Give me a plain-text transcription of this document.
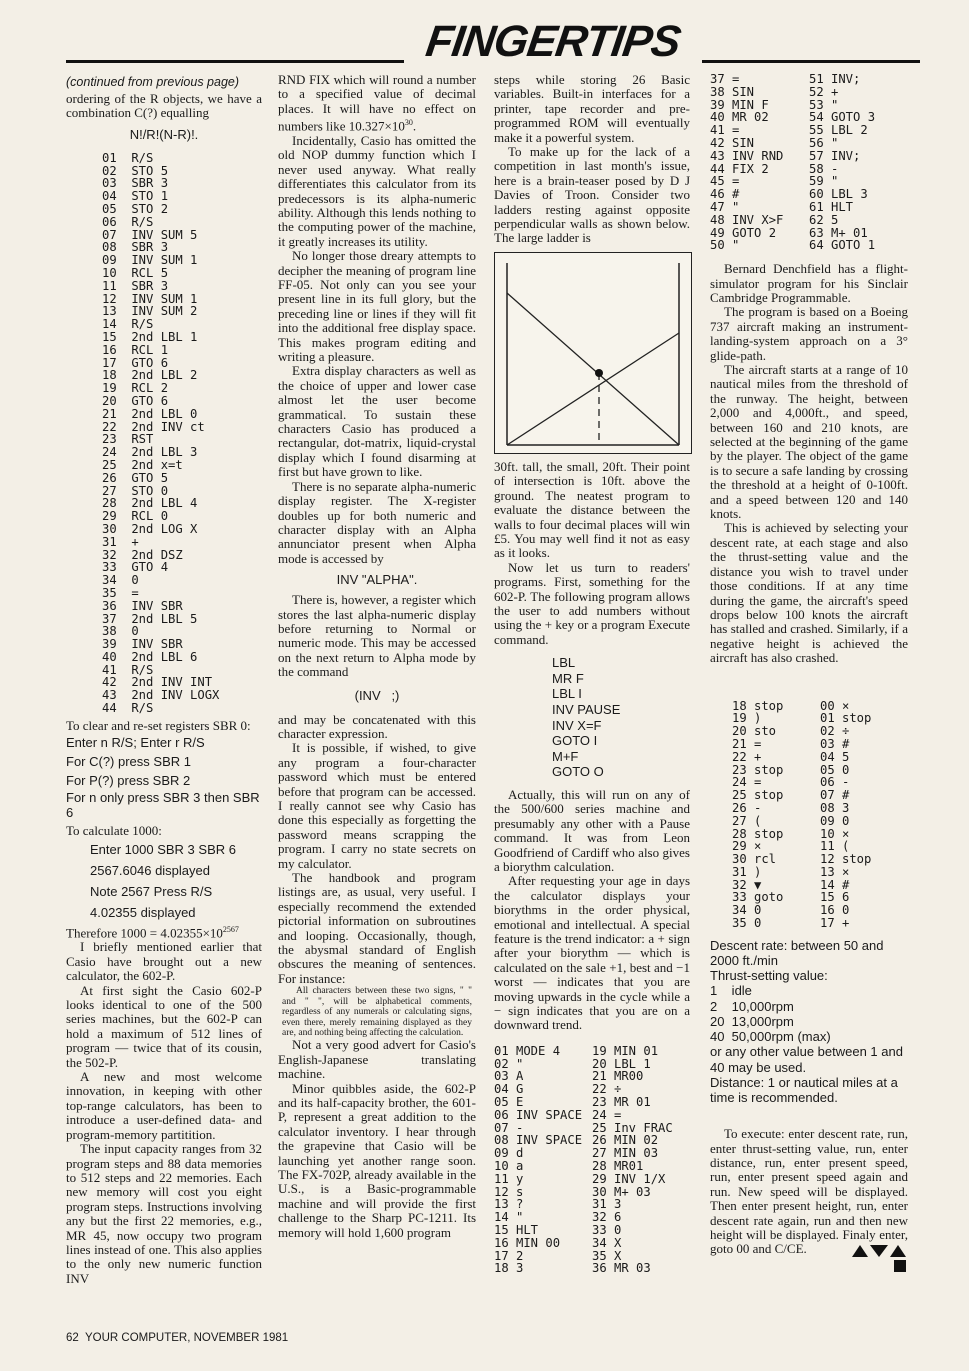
FINGERTIPS

(continued from previous page)

ordering of the R objects, we have a combination C(?) equalling

N!/R!(N-R)!.

01  R/S
02  STO 5
03  SBR 3
04  STO 1
05  STO 2
06  R/S
07  INV SUM 5
08  SBR 3
09  INV SUM 1
10  RCL 5
11  SBR 3
12  INV SUM 1
13  INV SUM 2
14  R/S
15  2nd LBL 1
16  RCL 1
17  GTO 6
18  2nd LBL 2
19  RCL 2
20  GTO 6
21  2nd LBL 0
22  2nd INV ct
23  RST
24  2nd LBL 3
25  2nd x=t
26  GTO 5
27  STO 0
28  2nd LBL 4
29  RCL 0
30  2nd LOG X
31  +
32  2nd DSZ
33  GTO 4
34  0
35  =
36  INV SBR
37  2nd LBL 5
38  0
39  INV SBR
40  2nd LBL 6
41  R/S
42  2nd INV INT
43  2nd INV LOGX
44  R/S

To clear and re-set registers SBR 0:

Enter n R/S; Enter r R/S

For C(?) press SBR 1

For P(?) press SBR 2

For n only press SBR 3 then SBR 6

To calculate 1000:

Enter 1000 SBR 3 SBR 6

2567.6046 displayed

Note 2567 Press R/S

4.02355 displayed

Therefore $1000 = 4.02355\times 10^{2567}$

I briefly mentioned earlier that Casio have brought out a new calculator, the 602-P.

At first sight the Casio 602-P looks identical to one of the 500 series machines, but the 602-P can hold a maximum of 512 lines of program — twice that of its cousin, the 502-P.

A new and most welcome innovation, in keeping with other top-range calculators, has been to introduce a user-defined data- and program-memory partitition.

The input capacity ranges from 32 program steps and 88 data memories to 512 steps and 22 memories. Each new memory will cost you eight program steps. Instructions involving any but the first 22 memories, e.g., MR 45, now occupy two program lines instead of one. This also applies to the only new numeric function INV

RND FIX which will round a number to a specified value of decimal places. It will have no effect on numbers like $10.327\times 10^{30}$.

Incidentally, Casio has omitted the old NOP dummy function which I never used anyway. What really differentiates this calculator from its predecessors is its alpha-numeric ability. Although this lends nothing to the computing power of the machine, it greatly increases its utility.

No longer those dreary attempts to decipher the meaning of program line FF-05. Not only can you see your present line in its full glory, but the preceding line or lines if they will fit into the additional free display space. This makes program editing and writing a pleasure.

Extra display characters as well as the choice of upper and lower case almost let the user become grammatical. To sustain these characters Casio has produced a rectangular, dot-matrix, liquid-crystal display which I found disarming at first but have grown to like.

There is no separate alpha-numeric display register. The X-register doubles up for both numeric and character display with an Alpha annunciator present when Alpha mode is accessed by

INV "ALPHA".

There is, however, a register which stores the last alpha-numeric display before returning to Normal or numeric mode. This may be accessed on the next return to Alpha mode by the command

(INV   ;)

and may be concatenated with this character expression.

It is possible, if wished, to give any program a four-character password which must be entered before that program can be accessed. I really cannot see why Casio has done this especially as forgetting the password means scrapping the program. I carry no state secrets on my calculator.

The handbook and program listings are, as usual, very useful. I especially recommend the extended pictorial information on subroutines and looping. Occasionally, though, the abysmal standard of English obscures the meaning of sentences. For instance:

All characters between these two signs, " " and " ", will be alphabetical comments, regardless of any numerals or calculating signs, even there, merely remaining displayed as they are, and nothing being affecting the calculation.

Not a very good advert for Casio's English-Japanese translating machine.

Minor quibbles aside, the 602-P and its half-capacity brother, the 601-P, represent a great addition to the calculator inventory. I hear through the grapevine that Casio will be launching yet another range soon. The FX-702P, already available in the U.S., is a Basic-programmable machine and will provide the first challenge to the Sharp PC-1211. Its memory will hold 1,600 program

steps while storing 26 Basic variables. Built-in interfaces for a printer, tape recorder and pre-programmed ROM will eventually make it a powerful system.

To make up for the lack of a competition in last month's issue, here is a brain-teaser posed by D J Davies of Troon. Consider two ladders resting against opposite perpendicular walls as shown below. The large ladder is

30ft. tall, the small, 20ft. Their point of intersection is 10ft. above the ground. The neatest program to evaluate the distance between the walls to four decimal places will win £5. You may well find it not as easy as it looks.

Now let us turn to readers' programs. First, something for the 602-P. The following program allows the user to add numbers without using the + key or a program Execute command.

LBL

MR F

LBL I

INV PAUSE

INV X=F

GOTO I

M+F

GOTO O

Actually, this will run on any of the 500/600 series machine and presumably any other with a Pause command. It was from Leon Goodfriend of Cardiff who also gives a biorythm calculation.

After requesting your age in days the calculator displays your biorythms in the order physical, emotional and intellectual. A special feature is the trend indicator: a + sign after your biorythm — which is calculated on the sale +1, best and −1 worst — indicates that you are moving upwards in the cycle while a − sign indicates that you are on a downward trend.

01 MODE 4
02 "
03 A
04 G
05 E
06 INV SPACE
07 -
08 INV SPACE
09 d
10 a
11 y
12 s
13 ?
14 "
15 HLT
16 MIN 00
17 2
18 3
19 MIN 01
20 LBL 1
21 MR00
22 ÷
23 MR 01
24 =
25 Inv FRAC
26 MIN 02
27 MIN 03
28 MR01
29 INV 1/X
30 M+ 03
31 3
32 6
33 0
34 X
35 X
36 MR 03
37 =
38 SIN
39 MIN F
40 MR 02
41 =
42 SIN
43 INV RND
44 FIX 2
45 =
46 #
47 "
48 INV X>F
49 GOTO 2
50 "
51 INV;
52 +
53 "
54 GOTO 3
55 LBL 2
56 "
57 INV;
58 -
59 "
60 LBL 3
61 HLT
62 5
63 M+ 01
64 GOTO 1

Bernard Denchfield has a flight-simulator program for his Sinclair Cambridge Programmable.

The program is based on a Boeing 737 aircraft making an instrument-landing-system approach on a 3° glide-path.

The aircraft starts at a range of 10 nautical miles from the threshold of the runway. The height, between 2,000 and 4,000ft., and speed, between 160 and 210 knots, are selected at the beginning of the game by the player. The object of the game is to secure a safe landing by crossing the threshold at a height of 0-100ft. and a speed between 120 and 140 knots.

This is achieved by selecting your descent rate, at each stage and also the thrust-setting value and the distance you wish to travel under those conditions. If at any time during the game, the aircraft's speed drops below 100 knots the aircraft has stalled and crashed. Similarly, if a negative height is achieved the aircraft has also crashed.

18 stop
19 )
20 sto
21 =
22 +
23 stop
24 =
25 stop
26 -
27 (
28 stop
29 ×
30 rcl
31 )
32 ▼
33 goto
34 0
35 0
00 ×
01 stop
02 ÷
03 #
04 5
05 0
06 -
07 #
08 3
09 0
10 ×
11 (
12 stop
13 ×
14 #
15 6
16 0
17 +

Descent rate: between 50 and 2000 ft./min

Thrust-setting value:

1    idle

2    10,000rpm

20  13,000rpm

40  50,000rpm (max)

or any other value between 1 and 40 may be used.

Distance: 1 or nautical miles at a time is recommended.

To execute: enter descent rate, run, enter thrust-setting value, run, enter distance, run, enter present speed, run, enter present speed again and run. New speed will be displayed. Then enter present height, run, enter descent rate again, run and then new height will be displayed. Finaly enter, goto 00 and C/CE.

62  YOUR COMPUTER, NOVEMBER 1981
